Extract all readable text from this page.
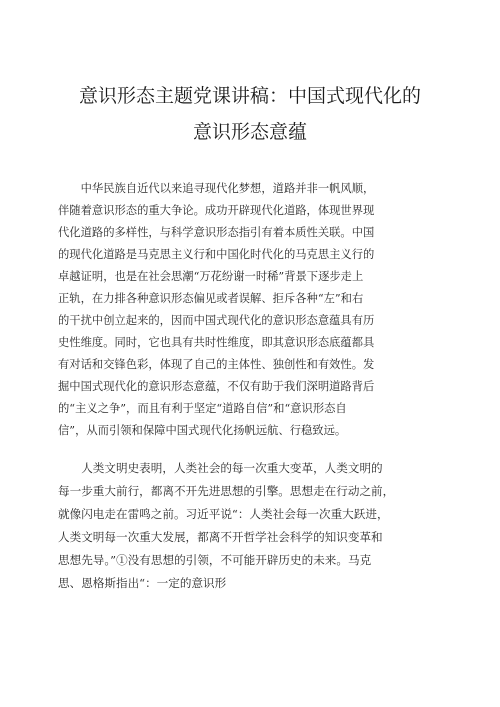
意识形态主题党课讲稿：中国式现代化的
意识形态意蕴
　　中华民族自近代以来追寻现代化梦想，道路并非一帆风顺，
伴随着意识形态的重大争论。成功开辟现代化道路，体现世界现
代化道路的多样性，与科学意识形态指引有着本质性关联。中国
的现代化道路是马克思主义行和中国化时代化的马克思主义行的
卓越证明，也是在社会思潮“万花纷谢一时稀”背景下逐步走上
正轨，在力排各种意识形态偏见或者误解、拒斥各种“左”和右
的干扰中创立起来的，因而中国式现代化的意识形态意蕴具有历
史性维度。同时，它也具有共时性维度，即其意识形态底蕴都具
有对话和交锋色彩，体现了自己的主体性、独创性和有效性。发
掘中国式现代化的意识形态意蕴，不仅有助于我们深明道路背后
的“主义之争”，而且有利于坚定“道路自信”和“意识形态自
信”，从而引领和保障中国式现代化扬帆远航、行稳致远。
　　人类文明史表明，人类社会的每一次重大变革，人类文明的
每一步重大前行，都离不开先进思想的引擎。思想走在行动之前，
就像闪电走在雷鸣之前。习近平说“：人类社会每一次重大跃进，
人类文明每一次重大发展，都离不开哲学社会科学的知识变革和
思想先导。”①没有思想的引领，不可能开辟历史的未来。马克
思、恩格斯指出“：一定的意识形
